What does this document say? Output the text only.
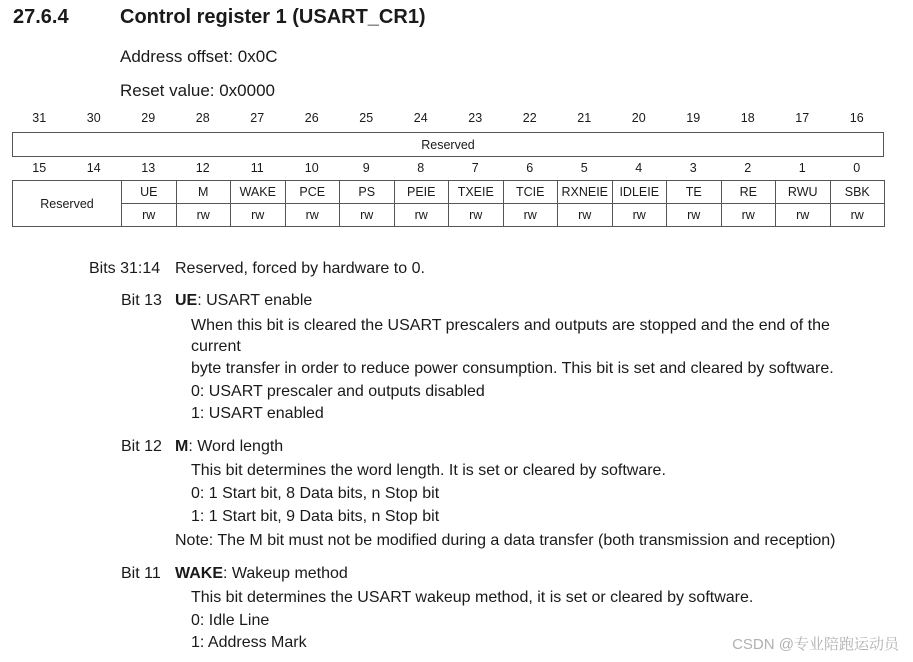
27.6.4	Control register 1 (USART_CR1)
Address offset: 0x0C
Reset value: 0x0000
31	30	29	28	27	26	25	24	23	22	21	20	19	18	17	16
Reserved
15	14	13	12	11	10	9	8	7	6	5	4	3	2	1	0
Reserved	UE	M	WAKE	PCE	PS	PEIE	TXEIE	TCIE	RXNEIE	IDLEIE	TE	RE	RWU	SBK
	rw	rw	rw	rw	rw	rw	rw	rw	rw	rw	rw	rw	rw	rw
Bits 31:14 Reserved, forced by hardware to 0.
Bit 13 UE: USART enable
When this bit is cleared the USART prescalers and outputs are stopped and the end of the
current
byte transfer in order to reduce power consumption. This bit is set and cleared by software.
0: USART prescaler and outputs disabled
1: USART enabled
Bit 12 M: Word length
This bit determines the word length. It is set or cleared by software.
0: 1 Start bit, 8 Data bits, n Stop bit
1: 1 Start bit, 9 Data bits, n Stop bit
Note: The M bit must not be modified during a data transfer (both transmission and reception)
Bit 11 WAKE: Wakeup method
This bit determines the USART wakeup method, it is set or cleared by software.
0: Idle Line
1: Address Mark	CSDN @专业陪跑运动员
